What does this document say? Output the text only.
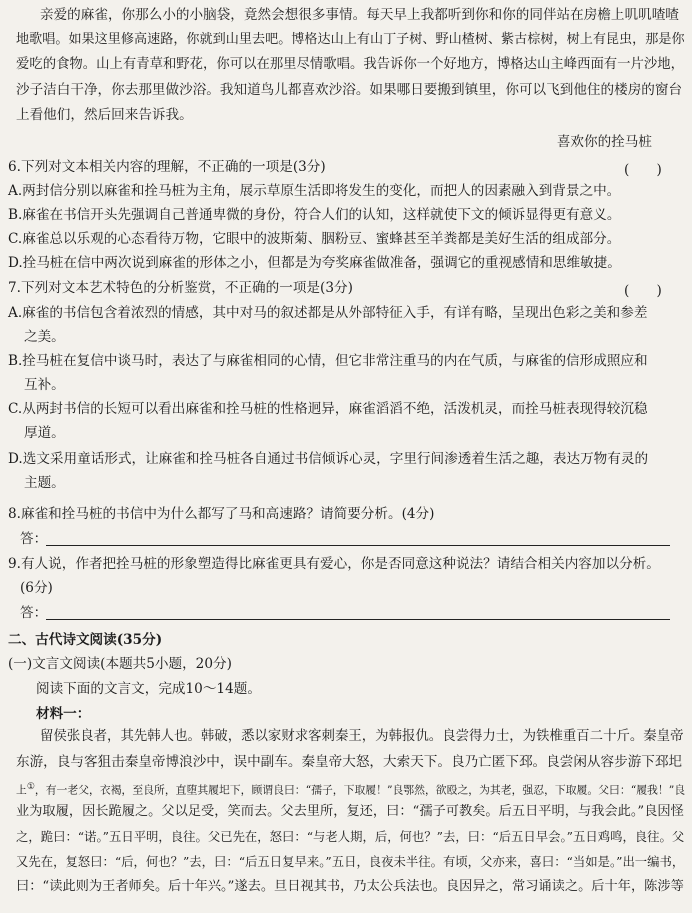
亲爱的麻雀，你那么小的小脑袋，竟然会想很多事情。每天早上我都听到你和你的同伴站在房檐上叽叽喳喳
地歌唱。如果这里修高速路，你就到山里去吧。博格达山上有山丁子树、野山楂树、紫古棕树，树上有昆虫，那是你
爱吃的食物。山上有青草和野花，你可以在那里尽情歌唱。我告诉你一个好地方，博格达山主峰西面有一片沙地，
沙子洁白干净，你去那里做沙浴。我知道鸟儿都喜欢沙浴。如果哪日要搬到镇里，你可以飞到他住的楼房的窗台
上看他们，然后回来告诉我。
喜欢你的拴马桩
6.下列对文本相关内容的理解，不正确的一项是(3分)	(　　)
A.两封信分别以麻雀和拴马桩为主角，展示草原生活即将发生的变化，而把人的因素融入到背景之中。
B.麻雀在书信开头先强调自己普通卑微的身份，符合人们的认知，这样就使下文的倾诉显得更有意义。
C.麻雀总以乐观的心态看待万物，它眼中的波斯菊、胭粉豆、蜜蜂甚至羊粪都是美好生活的组成部分。
D.拴马桩在信中两次说到麻雀的形体之小，但都是为夸奖麻雀做准备，强调它的重视感情和思维敏捷。
7.下列对文本艺术特色的分析鉴赏，不正确的一项是(3分)	(　　)
A.麻雀的书信包含着浓烈的情感，其中对马的叙述都是从外部特征入手，有详有略，呈现出色彩之美和参差
之美。
B.拴马桩在复信中谈马时，表达了与麻雀相同的心情，但它非常注重马的内在气质，与麻雀的信形成照应和
互补。
C.从两封书信的长短可以看出麻雀和拴马桩的性格迥异，麻雀滔滔不绝，活泼机灵，而拴马桩表现得较沉稳
厚道。
D.选文采用童话形式，让麻雀和拴马桩各自通过书信倾诉心灵，字里行间渗透着生活之趣，表达万物有灵的
主题。
8.麻雀和拴马桩的书信中为什么都写了马和高速路？请简要分析。(4分)
答：
9.有人说，作者把拴马桩的形象塑造得比麻雀更具有爱心，你是否同意这种说法？请结合相关内容加以分析。
(6分)
答：
二、古代诗文阅读(35分)
(一)文言文阅读(本题共5小题，20分)
阅读下面的文言文，完成10～14题。
材料一：
留侯张良者，其先韩人也。韩破，悉以家财求客刺秦王，为韩报仇。良尝得力士，为铁椎重百二十斤。秦皇帝
东游，良与客狙击秦皇帝博浪沙中，误中副车。秦皇帝大怒，大索天下。良乃亡匿下邳。良尝闲从容步游下邳圯
上①，有一老父，衣褐，至良所，直堕其履圯下，顾谓良曰：“孺子，下取履！”良鄂然，欲殴之，为其老，强忍，下取履。父曰：“履我！”良
业为取履，因长跪履之。父以足受，笑而去。父去里所，复还，曰：“孺子可教矣。后五日平明，与我会此。”良因怪
之，跪曰：“诺。”五日平明，良往。父已先在，怒曰：“与老人期，后，何也？”去，曰：“后五日早会。”五日鸡鸣，良往。父
又先在，复怒曰：“后，何也？”去，曰：“后五日复早来。”五日，良夜未半往。有顷，父亦来，喜曰：“当如是。”出一编书，
曰：“读此则为王者师矣。后十年兴。”遂去。旦日视其书，乃太公兵法也。良因异之，常习诵读之。后十年，陈涉等
